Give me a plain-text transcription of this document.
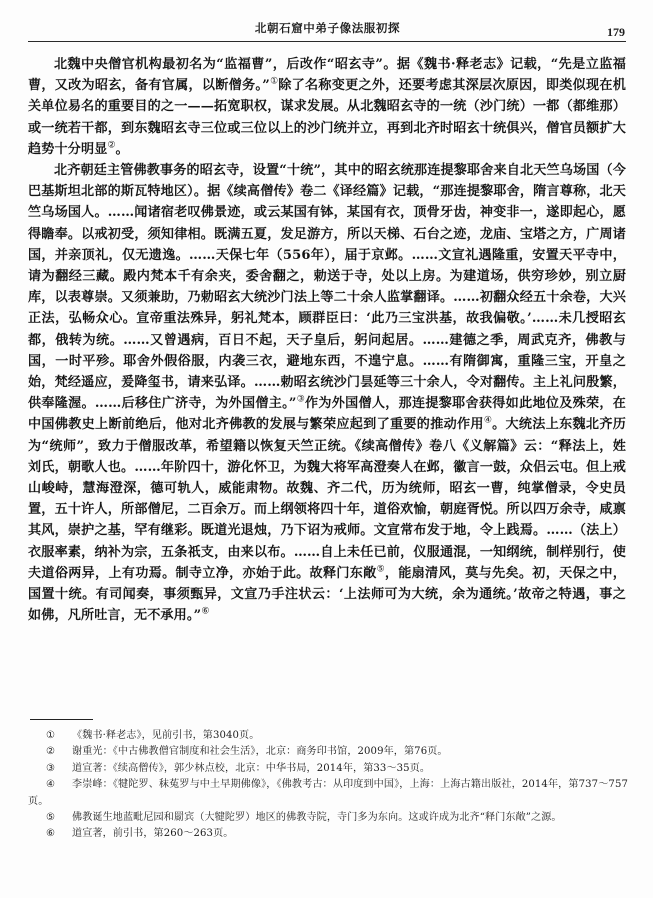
北朝石窟中弟子像法服初探	179

北魏中央僧官机构最初名为“监福曹”，后改作“昭玄寺”。据《魏书·释老志》记载，“先是立监福曹，又改为昭玄，备有官属，以断僧务。”①除了名称变更之外，还要考虑其深层次原因，即类似现在机关单位易名的重要目的之一——拓宽职权，谋求发展。从北魏昭玄寺的一统（沙门统）一都（都维那）或一统若干都，到东魏昭玄寺三位或三位以上的沙门统并立，再到北齐时昭玄十统俱兴，僧官员额扩大趋势十分明显②。

北齐朝廷主管佛教事务的昭玄寺，设置“十统”，其中的昭玄统那连提黎耶舍来自北天竺乌场国（今巴基斯坦北部的斯瓦特地区）。据《续高僧传》卷二《译经篇》记载，“那连提黎耶舍，隋言尊称，北天竺乌场国人。……闻诸宿老叹佛景迹，或云某国有钵，某国有衣，顶骨牙齿，神变非一，遂即起心，愿得瞻奉。以戒初受，须知律相。既满五夏，发足游方，所以天梯、石台之迹，龙庙、宝塔之方，广周诸国，并亲顶礼，仅无遗逸。……天保七年（556年），届于京邺。……文宣礼遇隆重，安置天平寺中，请为翻经三藏。殿内梵本千有余夹，委舍翻之，勅送于寺，处以上房。为建道场，供穷珍妙，别立厨库，以表尊崇。又须兼助，乃勅昭玄大统沙门法上等二十余人监掌翻译。……初翻众经五十余卷，大兴正法，弘畅众心。宣帝重法殊异，躬礼梵本，顾群臣曰：‘此乃三宝洪基，故我偏敬。’……未几授昭玄都，俄转为统。……又曾遇病，百日不起，天子皇后，躬问起居。……建德之季，周武克齐，佛教与国，一时平殄。耶舍外假俗服，内袭三衣，避地东西，不遑宁息。……有隋御寓，重隆三宝，开皇之始，梵经遥应，爰降玺书，请来弘译。……勅昭玄统沙门昙延等三十余人，令对翻传。主上礼问殷繁，供奉隆渥。……后移住广济寺，为外国僧主。”③作为外国僧人，那连提黎耶舍获得如此地位及殊荣，在中国佛教史上断前绝后，他对北齐佛教的发展与繁荣应起到了重要的推动作用④。大统法上东魏北齐历为“统师”，致力于僧服改革，希望籍以恢复天竺正统。《续高僧传》卷八《义解篇》云：“释法上，姓刘氏，朝歌人也。……年阶四十，游化怀卫，为魏大将军高澄奏人在邺，徽言一鼓，众侣云屯。但上戒山峻峙，慧海澄深，德可轨人，威能肃物。故魏、齐二代，历为统师，昭玄一曹，纯掌僧录，令史员置，五十许人，所部僧尼，二百余万。而上纲领将四十年，道俗欢愉，朝庭胥悦。所以四万余寺，咸禀其风，崇护之基，罕有继彩。既道光退烛，乃下诏为戒师。文宣常布发于地，令上践焉。……（法上）衣服率素，纳补为宗，五条祇支，由来以布。……自上未任已前，仪服通混，一知纲统，制样别行，使夫道俗两异，上有功焉。制寺立净，亦始于此。故释门东敞⑤，能扇清风，莫与先矣。初，天保之中，国置十统。有司闻奏，事须甄异，文宣乃手注状云：‘上法师可为大统，余为通统。’故帝之特遇，事之如佛，凡所吐言，无不承用。”⑥

① 《魏书·释老志》，见前引书，第3040页。
② 谢重光：《中古佛教僧官制度和社会生活》，北京：商务印书馆，2009年，第76页。
③ 道宣著：《续高僧传》，郭少林点校，北京：中华书局，2014年，第33～35页。
④ 李崇峰：《犍陀罗、秣菟罗与中土早期佛像》，《佛教考古：从印度到中国》，上海：上海古籍出版社，2014年，第737～757页。
⑤ 佛教诞生地蓝毗尼园和罽宾（大犍陀罗）地区的佛教寺院，寺门多为东向。这或许成为北齐“释门东敞”之源。
⑥ 道宣著，前引书，第260～263页。
